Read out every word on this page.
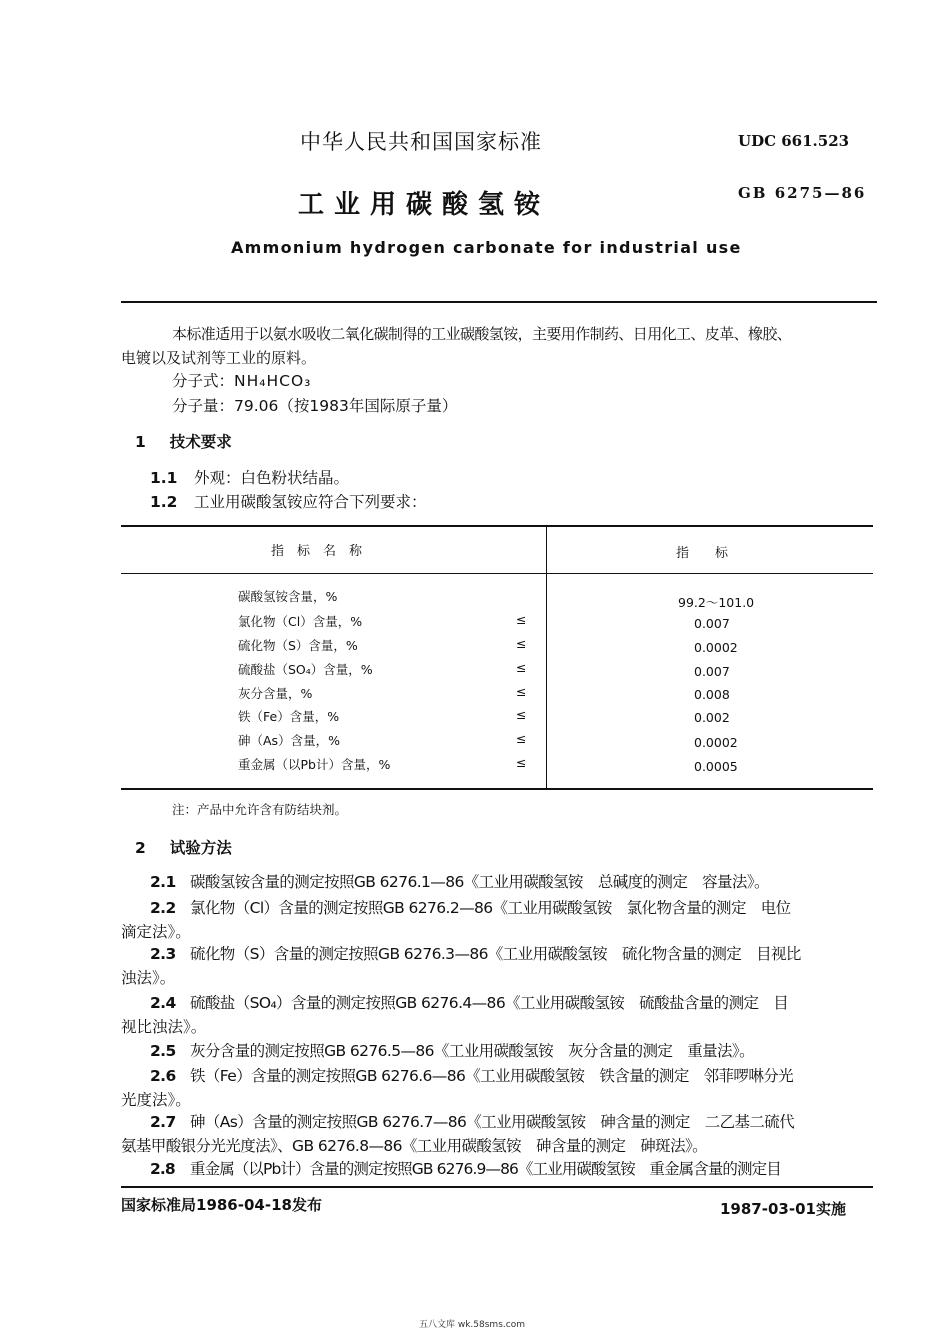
中华人民共和国国家标准	UDC 661.523
工业用碳酸氢铵	GB 6275—86
Ammonium hydrogen carbonate for industrial use
本标准适用于以氨水吸收二氧化碳制得的工业碳酸氢铵，主要用作制药、日用化工、皮革、橡胶、
电镀以及试剂等工业的原料。
分子式：NH₄HCO₃
分子量：79.06（按1983年国际原子量）
1 技术要求
1.1 外观：白色粉状结晶。
1.2 工业用碳酸氢铵应符合下列要求：
指　标　名　称	指　　标
碳酸氢铵含量，%	99.2～101.0
氯化物（Cl）含量，%	≤	0.007
硫化物（S）含量，%	≤	0.0002
硫酸盐（SO₄）含量，%	≤	0.007
灰分含量，%	≤	0.008
铁（Fe）含量，%	≤	0.002
砷（As）含量，%	≤	0.0002
重金属（以Pb计）含量，%	≤	0.0005
注：产品中允许含有防结块剂。
2 试验方法
2.1 碳酸氢铵含量的测定按照GB 6276.1—86《工业用碳酸氢铵　总碱度的测定　容量法》。
2.2 氯化物（Cl）含量的测定按照GB 6276.2—86《工业用碳酸氢铵　氯化物含量的测定　电位
滴定法》。
2.3 硫化物（S）含量的测定按照GB 6276.3—86《工业用碳酸氢铵　硫化物含量的测定　目视比
浊法》。
2.4 硫酸盐（SO₄）含量的测定按照GB 6276.4—86《工业用碳酸氢铵　硫酸盐含量的测定　目
视比浊法》。
2.5 灰分含量的测定按照GB 6276.5—86《工业用碳酸氢铵　灰分含量的测定　重量法》。
2.6 铁（Fe）含量的测定按照GB 6276.6—86《工业用碳酸氢铵　铁含量的测定　邻菲啰啉分光
光度法》。
2.7 砷（As）含量的测定按照GB 6276.7—86《工业用碳酸氢铵　砷含量的测定　二乙基二硫代
氨基甲酸银分光光度法》、GB 6276.8—86《工业用碳酸氢铵　砷含量的测定　砷斑法》。
2.8 重金属（以Pb计）含量的测定按照GB 6276.9—86《工业用碳酸氢铵　重金属含量的测定目
国家标准局1986-04-18发布	1987-03-01实施
五八文库 wk.58sms.com
